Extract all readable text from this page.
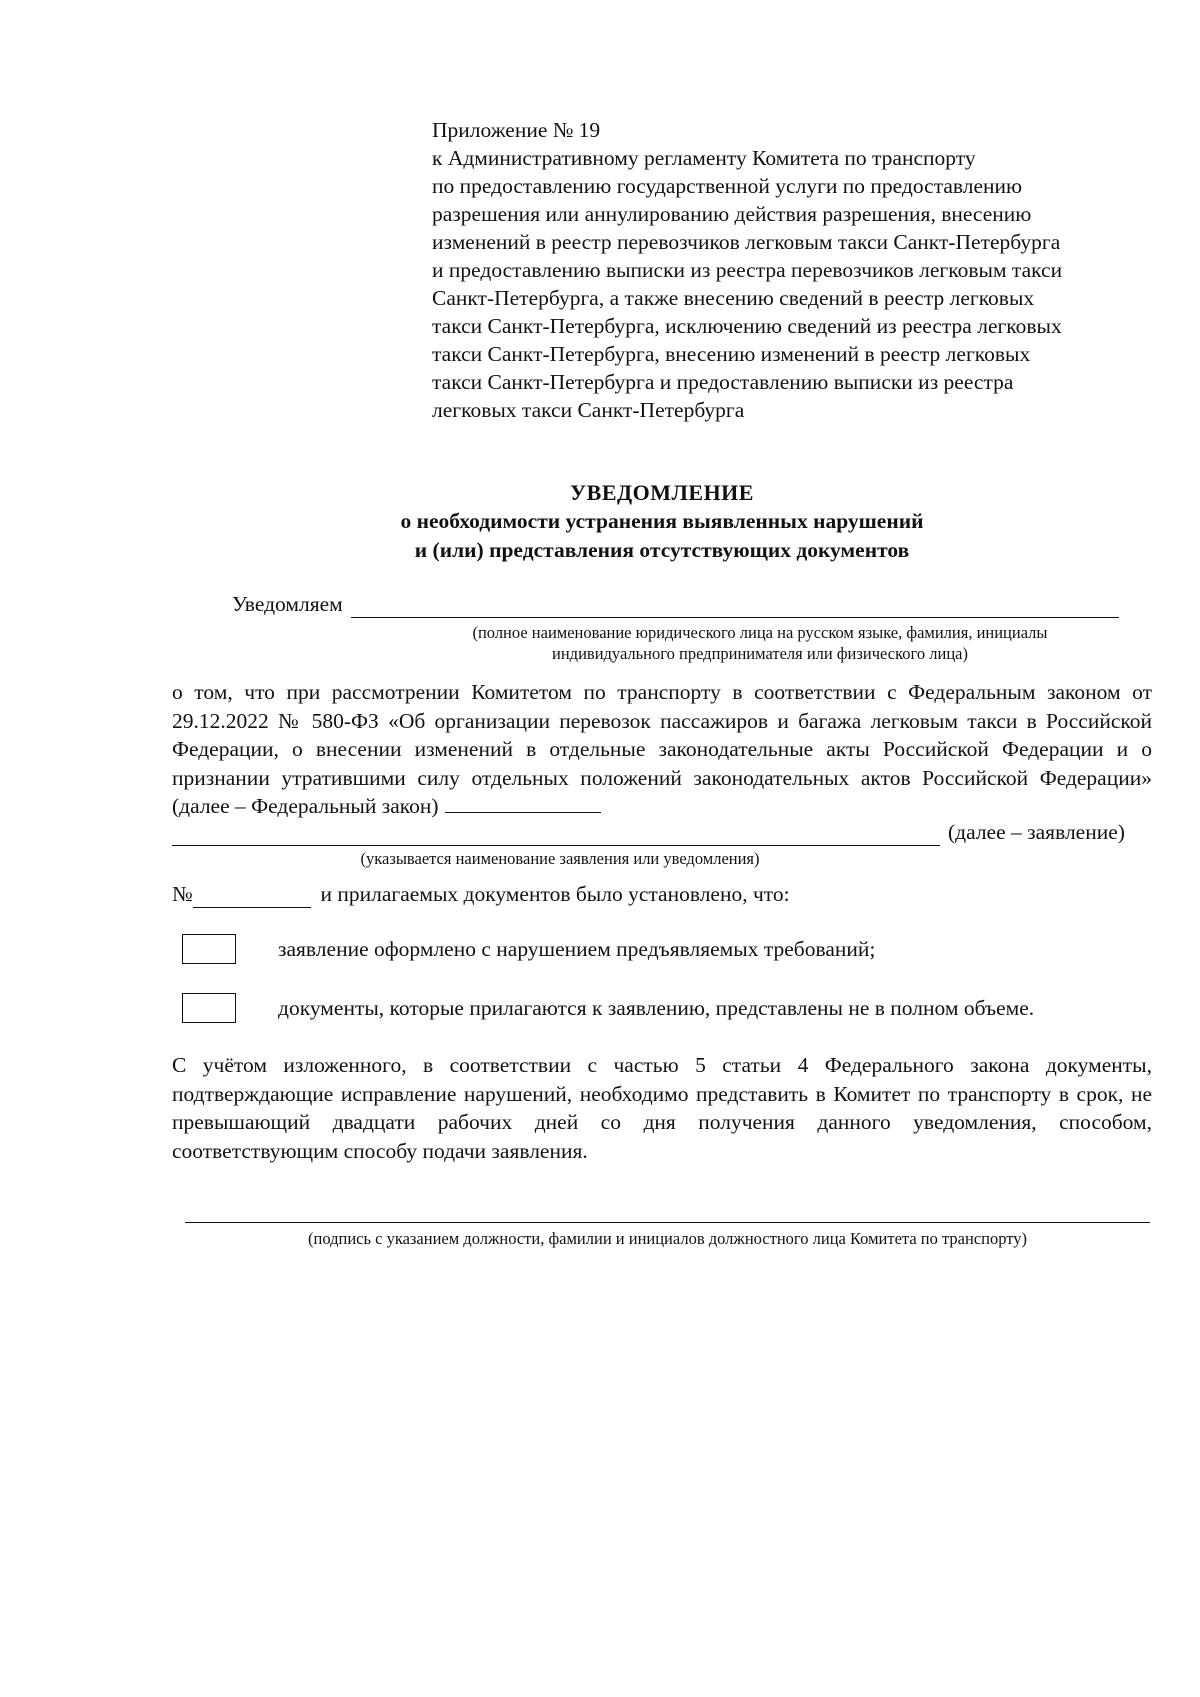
Приложение № 19
к Административному регламенту Комитета по транспорту
по предоставлению государственной услуги по предоставлению
разрешения или аннулированию действия разрешения, внесению
изменений в реестр перевозчиков легковым такси Санкт-Петербурга
и предоставлению выписки из реестра перевозчиков легковым такси
Санкт-Петербурга, а также внесению сведений в реестр легковых
такси Санкт-Петербурга, исключению сведений из реестра легковых
такси Санкт-Петербурга, внесению изменений в реестр легковых
такси Санкт-Петербурга и предоставлению выписки из реестра
легковых такси Санкт-Петербурга
УВЕДОМЛЕНИЕ
о необходимости устранения выявленных нарушений
и (или) представления отсутствующих документов
Уведомляем
(полное наименование юридического лица на русском языке, фамилия, инициалы
индивидуального предпринимателя или физического лица)
о том, что при рассмотрении Комитетом по транспорту в соответствии с Федеральным законом от 29.12.2022 № 580-ФЗ «Об организации перевозок пассажиров и багажа легковым такси в Российской Федерации, о внесении изменений в отдельные законодательные акты Российской Федерации и о признании утратившими силу отдельных положений законодательных актов Российской Федерации» (далее – Федеральный закон)
(далее – заявление)
(указывается наименование заявления или уведомления)
№	и прилагаемых документов было установлено, что:
заявление оформлено с нарушением предъявляемых требований;
документы, которые прилагаются к заявлению, представлены не в полном объеме.
С учётом изложенного, в соответствии с частью 5 статьи 4 Федерального закона документы, подтверждающие исправление нарушений, необходимо представить в Комитет по транспорту в срок, не превышающий двадцати рабочих дней со дня получения данного уведомления, способом, соответствующим способу подачи заявления.
(подпись с указанием должности, фамилии и инициалов должностного лица Комитета по транспорту)
